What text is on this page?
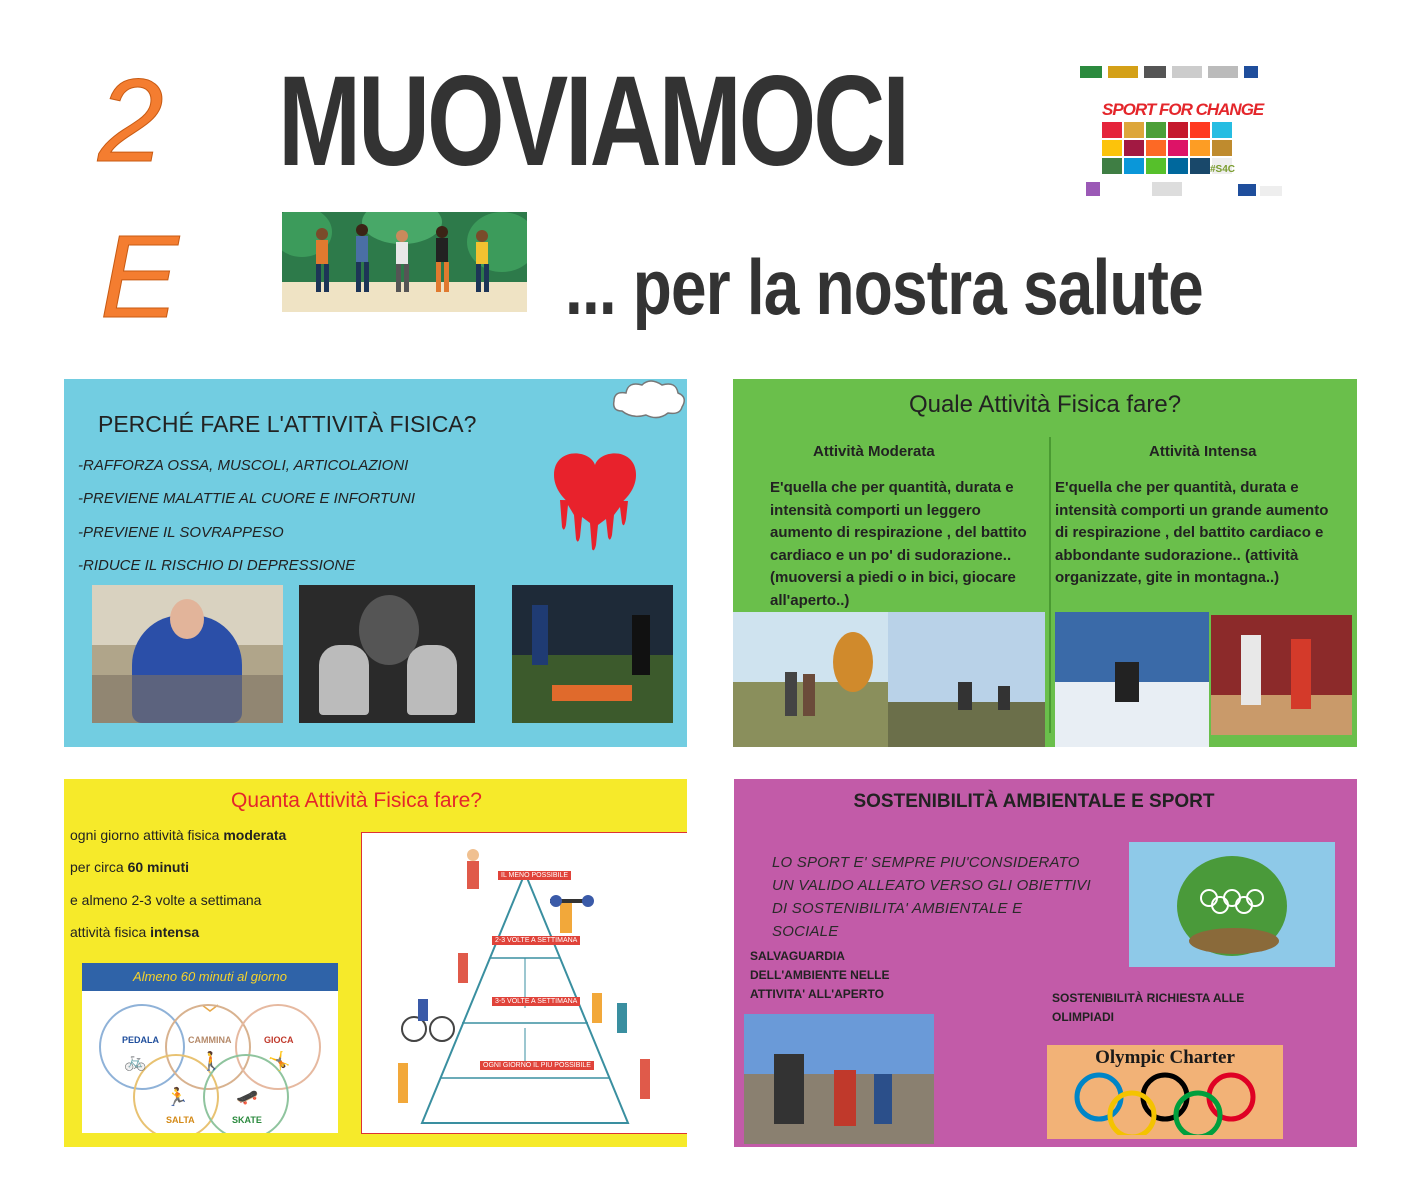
2
E
MUOVIAMOCI
... per la nostra salute
SPORT FOR CHANGE
#S4C
PERCHÉ FARE L'ATTIVITÀ FISICA?
-RAFFORZA OSSA, MUSCOLI, ARTICOLAZIONI
-PREVIENE MALATTIE AL CUORE E INFORTUNI
-PREVIENE IL SOVRAPPESO
-RIDUCE IL RISCHIO DI DEPRESSIONE
Quale Attività Fisica fare?
Attività Moderata
E'quella che per quantità, durata e intensità comporti un leggero aumento di respirazione , del battito cardiaco e un po' di sudorazione.. (muoversi a piedi o in bici, giocare all'aperto..)
Attività Intensa
E'quella che per quantità, durata e intensità comporti un grande aumento di respirazione , del battito cardiaco e abbondante sudorazione.. (attività organizzate, gite in montagna..)
Quanta Attività Fisica fare?
ogni giorno attività fisica moderata
per circa 60 minuti
e almeno 2-3 volte a settimana
attività fisica intensa
Almeno 60 minuti al giorno
PEDALA
🚲
CAMMINA
🚶
GIOCA
🤸
🏃
SALTA
🛹
SKATE
IL MENO POSSIBILE
2-3 VOLTE A SETTIMANA
3-5 VOLTE A SETTIMANA
OGNI GIORNO IL PIÙ POSSIBILE
SOSTENIBILITÀ AMBIENTALE E SPORT
LO SPORT E' SEMPRE PIU'CONSIDERATO UN VALIDO ALLEATO VERSO GLI OBIETTIVI DI SOSTENIBILITA' AMBIENTALE E SOCIALE
SALVAGUARDIA DELL'AMBIENTE NELLE ATTIVITA' ALL'APERTO	SOSTENIBILITÀ RICHIESTA ALLE OLIMPIADI
Olympic Charter
